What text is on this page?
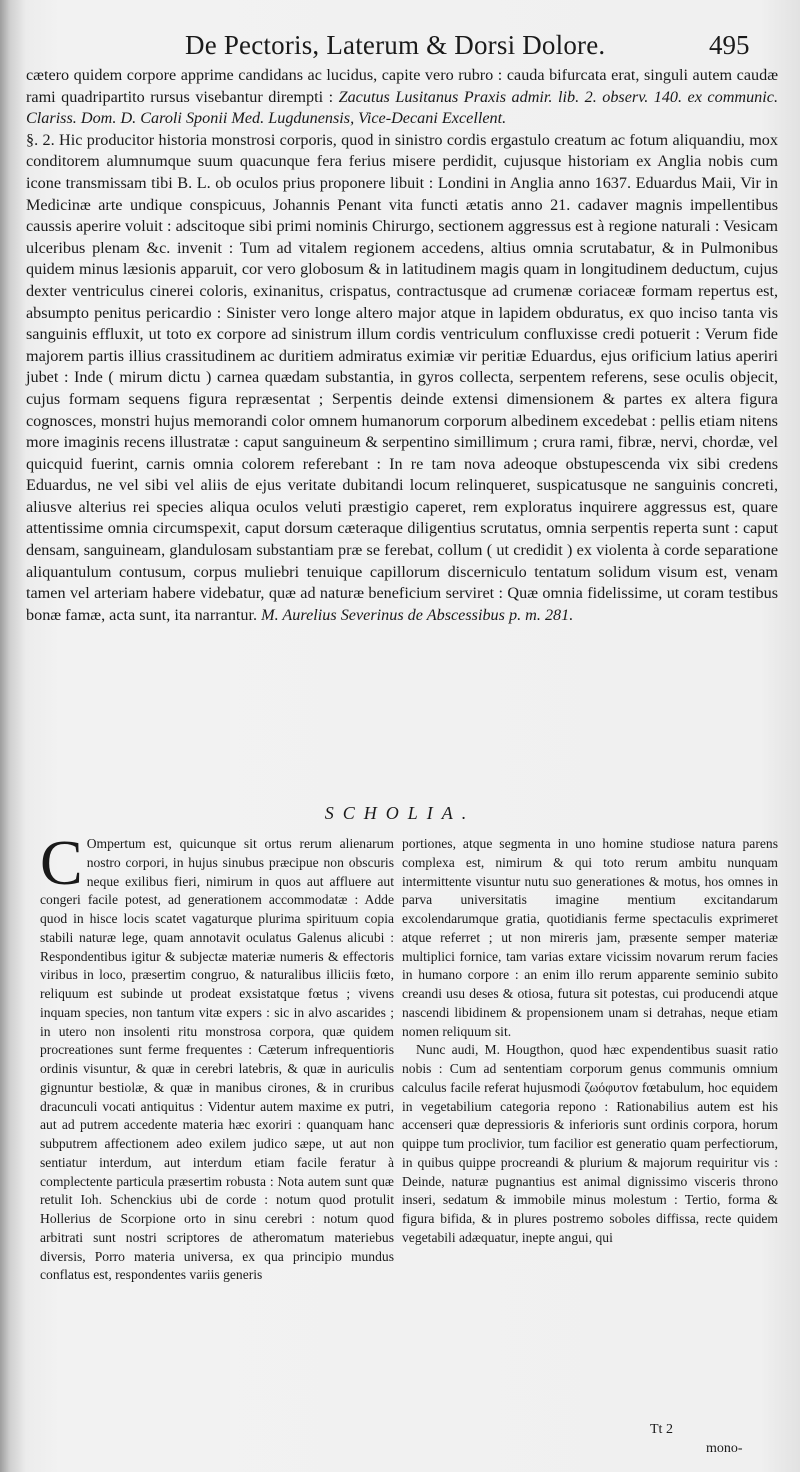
De Pectoris, Laterum & Dorsi Dolore.	495

cætero quidem corpore apprime candidans ac lucidus, capite vero rubro : cauda bifurcata erat, singuli autem caudæ rami quadripartito rursus visebantur dirempti : Zacutus Lusitanus Praxis admir. lib. 2. observ. 140. ex communic. Clariss. Dom. D. Caroli Sponii Med. Lugdunensis, Vice-Decani Excellent.

§. 2. Hic producitor historia monstrosi corporis, quod in sinistro cordis ergastulo creatum ac fotum aliquandiu, mox conditorem alumnumque suum quacunque fera ferius misere perdidit, cujusque historiam ex Anglia nobis cum icone transmissam tibi B. L. ob oculos prius proponere libuit : Londini in Anglia anno 1637. Eduardus Maii, Vir in Medicinæ arte undique conspicuus, Johannis Penant vita functi ætatis anno 21. cadaver magnis impellentibus caussis aperire voluit : adscitoque sibi primi nominis Chirurgo, sectionem aggressus est à regione naturali : Vesicam ulceribus plenam &c. invenit : Tum ad vitalem regionem accedens, altius omnia scrutabatur, & in Pulmonibus quidem minus læsionis apparuit, cor vero globosum & in latitudinem magis quam in longitudinem deductum, cujus dexter ventriculus cinerei coloris, exinanitus, crispatus, contractusque ad crumenæ coriaceæ formam repertus est, absumpto penitus pericardio : Sinister vero longe altero major atque in lapidem obduratus, ex quo inciso tanta vis sanguinis effluxit, ut toto ex corpore ad sinistrum illum cordis ventriculum confluxisse credi potuerit : Verum fide majorem partis illius crassitudinem ac duritiem admiratus eximiæ vir peritiæ Eduardus, ejus orificium latius aperiri jubet : Inde ( mirum dictu ) carnea quædam substantia, in gyros collecta, serpentem referens, sese oculis objecit, cujus formam sequens figura repræsentat ; Serpentis deinde extensi dimensionem & partes ex altera figura cognosces, monstri hujus memorandi color omnem humanorum corporum albedinem excedebat : pellis etiam nitens more imaginis recens illustratæ : caput sanguineum & serpentino simillimum ; crura rami, fibræ, nervi, chordæ, vel quicquid fuerint, carnis omnia colorem referebant : In re tam nova adeoque obstupescenda vix sibi credens Eduardus, ne vel sibi vel aliis de ejus veritate dubitandi locum relinqueret, suspicatusque ne sanguinis concreti, aliusve alterius rei species aliqua oculos veluti præstigio caperet, rem exploratus inquirere aggressus est, quare attentissime omnia circumspexit, caput dorsum cæteraque diligentius scrutatus, omnia serpentis reperta sunt : caput densam, sanguineam, glandulosam substantiam præ se ferebat, collum ( ut credidit ) ex violenta à corde separatione aliquantulum contusum, corpus muliebri tenuique capillorum discerniculo tentatum solidum visum est, venam tamen vel arteriam habere videbatur, quæ ad naturæ beneficium serviret : Quæ omnia fidelissime, ut coram testibus bonæ famæ, acta sunt, ita narrantur. M. Aurelius Severinus de Abscessibus p. m. 281.

SCHOLIA.

C Ompertum est, quicunque sit ortus rerum alienarum nostro corpori, in hujus sinubus præcipue non obscuris neque exilibus fieri, nimirum in quos aut affluere aut congeri facile potest, ad generationem accommodatæ : Adde quod in hisce locis scatet vagaturque plurima spirituum copia stabili naturæ lege, quam annotavit oculatus Galenus alicubi : Respondentibus igitur & subjectæ materiæ numeris & effectoris viribus in loco, præsertim congruo, & naturalibus illiciis fœto, reliquum est subinde ut prodeat exsistatque fœtus ; vivens inquam species, non tantum vitæ expers : sic in alvo ascarides ; in utero non insolenti ritu monstrosa corpora, quæ quidem procreationes sunt ferme frequentes : Cæterum infrequentioris ordinis visuntur, & quæ in cerebri latebris, & quæ in auriculis gignuntur bestiolæ, & quæ in manibus cirones, & in cruribus dracunculi vocati antiquitus : Videntur autem maxime ex putri, aut ad putrem accedente materia hæc exoriri : quanquam hanc subputrem affectionem adeo exilem judico sæpe, ut aut non sentiatur interdum, aut interdum etiam facile feratur à complectente particula præsertim robusta : Nota autem sunt quæ retulit Ioh. Schenckius ubi de corde : notum quod protulit Hollerius de Scorpione orto in sinu cerebri : notum quod arbitrati sunt nostri scriptores de atheromatum materiebus diversis, Porro materia universa, ex qua principio mundus conflatus est, respondentes variis generis

portiones, atque segmenta in uno homine studiose natura parens complexa est, nimirum & qui toto rerum ambitu nunquam intermittente visuntur nutu suo generationes & motus, hos omnes in parva universitatis imagine mentium excitandarum excolendarumque gratia, quotidianis ferme spectaculis exprimeret atque referret ; ut non mireris jam, præsente semper materiæ multiplici fornice, tam varias extare vicissim novarum rerum facies in humano corpore : an enim illo rerum apparente seminio subito creandi usu deses & otiosa, futura sit potestas, cui producendi atque nascendi libidinem & propensionem unam si detrahas, neque etiam nomen reliquum sit.

Nunc audi, M. Hougthon, quod hæc expendentibus suasit ratio nobis : Cum ad sententiam corporum genus communis omnium calculus facile referat hujusmodi ζωόφυτον fœtabulum, hoc equidem in vegetabilium categoria repono : Rationabilius autem est his accenseri quæ depressioris & inferioris sunt ordinis corpora, horum quippe tum proclivior, tum facilior est generatio quam perfectiorum, in quibus quippe procreandi & plurium & majorum requiritur vis : Deinde, naturæ pugnantius est animal dignissimo visceris throno inseri, sedatum & immobile minus molestum : Tertio, forma & figura bifida, & in plures postremo soboles diffissa, recte quidem vegetabili adæquatur, inepte angui, qui

Tt 2
mono-
